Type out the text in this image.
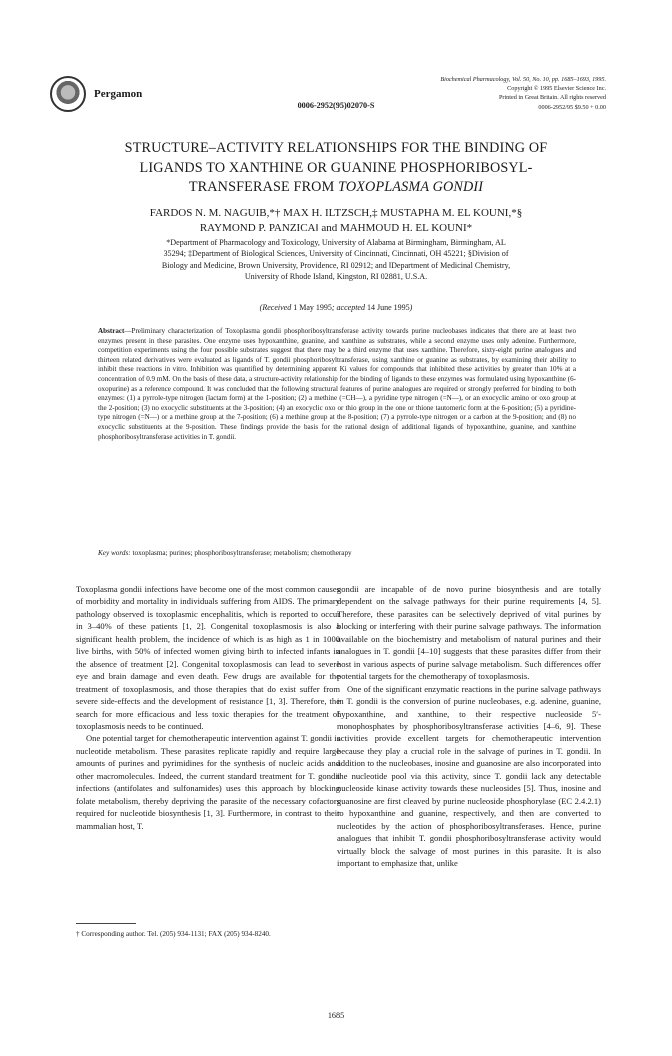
Pergamon
Biochemical Pharmacology, Vol. 50, No. 10, pp. 1685–1693, 1995.
Copyright © 1995 Elsevier Science Inc.
Printed in Great Britain. All rights reserved
0006-2952/95 $9.50 + 0.00
0006-2952(95)02070-S
STRUCTURE–ACTIVITY RELATIONSHIPS FOR THE BINDING OF
LIGANDS TO XANTHINE OR GUANINE PHOSPHORIBOSYL-
TRANSFERASE FROM TOXOPLASMA GONDII
FARDOS N. M. NAGUIB,*† MAX H. ILTZSCH,‡ MUSTAPHA M. EL KOUNI,*§
RAYMOND P. PANZICA‖ and MAHMOUD H. EL KOUNI*
*Department of Pharmacology and Toxicology, University of Alabama at Birmingham, Birmingham, AL
35294; ‡Department of Biological Sciences, University of Cincinnati, Cincinnati, OH 45221; §Division of
Biology and Medicine, Brown University, Providence, RI 02912; and ‖Department of Medicinal Chemistry,
University of Rhode Island, Kingston, RI 02881, U.S.A.
(Received 1 May 1995; accepted 14 June 1995)
Abstract—Preliminary characterization of Toxoplasma gondii phosphoribosyltransferase activity towards purine nucleobases indicates that there are at least two enzymes present in these parasites. One enzyme uses hypoxanthine, guanine, and xanthine as substrates, while a second enzyme uses only adenine. Furthermore, competition experiments using the four possible substrates suggest that there may be a third enzyme that uses xanthine. Therefore, sixty-eight purine analogues and thirteen related derivatives were evaluated as ligands of T. gondii phosphoribosyltransferase, using xanthine or guanine as substrates, by examining their ability to inhibit these reactions in vitro. Inhibition was quantified by determining apparent Ki values for compounds that inhibited these activities by greater than 10% at a concentration of 0.9 mM. On the basis of these data, a structure-activity relationship for the binding of ligands to these enzymes was formulated using hypoxanthine (6-oxopurine) as a reference compound. It was concluded that the following structural features of purine analogues are required or strongly preferred for binding to both enzymes: (1) a pyrrole-type nitrogen (lactam form) at the 1-position; (2) a methine (=CH—), a pyridine type nitrogen (=N—), or an exocyclic amino or oxo group at the 2-position; (3) no exocyclic substituents at the 3-position; (4) an exocyclic oxo or thio group in the one or thione tautomeric form at the 6-position; (5) a pyridine-type nitrogen (=N—) or a methine group at the 7-position; (6) a methine group at the 8-position; (7) a pyrrole-type nitrogen or a carbon at the 9-position; and (8) no exocyclic substituents at the 9-position. These findings provide the basis for the rational design of additional ligands of hypoxanthine, guanine, and xanthine phosphoribosyltransferase activities in T. gondii.
Key words: toxoplasma; purines; phosphoribosyltransferase; metabolism; chemotherapy

Toxoplasma gondii infections have become one of the most common causes of morbidity and mortality in individuals suffering from AIDS. The primary pathology observed is toxoplasmic encephalitis, which is reported to occur in 3–40% of these patients [1, 2]. Congenital toxoplasmosis is also a significant health problem, the incidence of which is as high as 1 in 1000 live births, with 50% of infected women giving birth to infected infants in the absence of treatment [2]. Congenital toxoplasmosis can lead to severe eye and brain damage and even death. Few drugs are available for the treatment of toxoplasmosis, and those therapies that do exist suffer from severe side-effects and the development of resistance [1, 3]. Therefore, the search for more efficacious and less toxic therapies for the treatment of toxoplasmosis needs to be continued.

One potential target for chemotherapeutic intervention against T. gondii is nucleotide metabolism. These parasites replicate rapidly and require large amounts of purines and pyrimidines for the synthesis of nucleic acids and other macromolecules. Indeed, the current standard treatment for T. gondii infections (antifolates and sulfonamides) uses this approach by blocking folate metabolism, thereby depriving the parasite of the necessary cofactors required for nucleotide biosynthesis [1, 3]. Furthermore, in contrast to their mammalian host, T.

gondii are incapable of de novo purine biosynthesis and are totally dependent on the salvage pathways for their purine requirements [4, 5]. Therefore, these parasites can be selectively deprived of vital purines by blocking or interfering with their purine salvage pathways. The information available on the biochemistry and metabolism of natural purines and their analogues in T. gondii [4–10] suggests that these parasites differ from their host in various aspects of purine salvage metabolism. Such differences offer potential targets for the chemotherapy of toxoplasmosis.

One of the significant enzymatic reactions in the purine salvage pathways in T. gondii is the conversion of purine nucleobases, e.g. adenine, guanine, hypoxanthine, and xanthine, to their respective nucleoside 5′-monophosphates by phosphoribosyltransferase activities [4–6, 9]. These activities provide excellent targets for chemotherapeutic intervention because they play a crucial role in the salvage of purines in T. gondii. In addition to the nucleobases, inosine and guanosine are also incorporated into the nucleotide pool via this activity, since T. gondii lack any detectable nucleoside kinase activity towards these nucleosides [5]. Thus, inosine and guanosine are first cleaved by purine nucleoside phosphorylase (EC 2.4.2.1) to hypoxanthine and guanine, respectively, and then are converted to nucleotides by the action of phosphoribosyltransferases. Hence, purine analogues that inhibit T. gondii phosphoribosyltransferase activity would virtually block the salvage of most purines in this parasite. It is also important to emphasize that, unlike

† Corresponding author. Tel. (205) 934-1131; FAX (205) 934-8240.
1685
